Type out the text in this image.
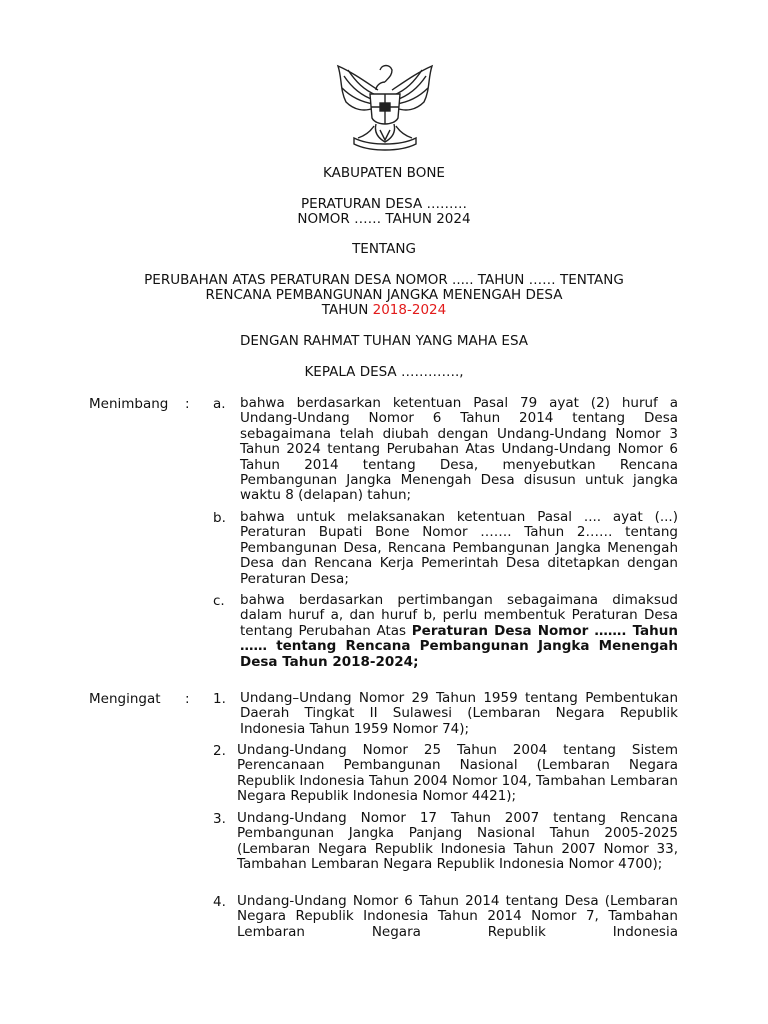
KABUPATEN BONE
PERATURAN DESA ………
NOMOR …… TAHUN 2024
TENTANG
PERUBAHAN ATAS PERATURAN DESA NOMOR ..... TAHUN …… TENTANG
RENCANA PEMBANGUNAN JANGKA MENENGAH DESA
TAHUN 2018-2024
DENGAN RAHMAT TUHAN YANG MAHA ESA
KEPALA DESA ………….,
Menimbang : a. bahwa berdasarkan ketentuan Pasal 79 ayat (2) huruf a Undang-Undang Nomor 6 Tahun 2014 tentang Desa sebagaimana telah diubah dengan Undang-Undang Nomor 3 Tahun 2024 tentang Perubahan Atas Undang-Undang Nomor 6 Tahun 2014 tentang Desa, menyebutkan Rencana Pembangunan Jangka Menengah Desa disusun untuk jangka waktu 8 (delapan) tahun;
b. bahwa untuk melaksanakan ketentuan Pasal .... ayat (...) Peraturan Bupati Bone Nomor ……. Tahun 2…… tentang Pembangunan Desa, Rencana Pembangunan Jangka Menengah Desa dan Rencana Kerja Pemerintah Desa ditetapkan dengan Peraturan Desa;
c. bahwa berdasarkan pertimbangan sebagaimana dimaksud dalam huruf a, dan huruf b, perlu membentuk Peraturan Desa tentang Perubahan Atas Peraturan Desa Nomor ……. Tahun …… tentang Rencana Pembangunan Jangka Menengah Desa Tahun 2018-2024;
Mengingat : 1. Undang–Undang Nomor 29 Tahun 1959 tentang Pembentukan Daerah Tingkat II Sulawesi (Lembaran Negara Republik Indonesia Tahun 1959 Nomor 74);
2. Undang-Undang Nomor 25 Tahun 2004 tentang Sistem Perencanaan Pembangunan Nasional (Lembaran Negara Republik Indonesia Tahun 2004 Nomor 104, Tambahan Lembaran Negara Republik Indonesia Nomor 4421);
3. Undang-Undang Nomor 17 Tahun 2007 tentang Rencana Pembangunan Jangka Panjang Nasional Tahun 2005-2025 (Lembaran Negara Republik Indonesia Tahun 2007 Nomor 33, Tambahan Lembaran Negara Republik Indonesia Nomor 4700);
4. Undang-Undang Nomor 6 Tahun 2014 tentang Desa (Lembaran Negara Republik Indonesia Tahun 2014 Nomor 7, Tambahan Lembaran Negara Republik Indonesia
